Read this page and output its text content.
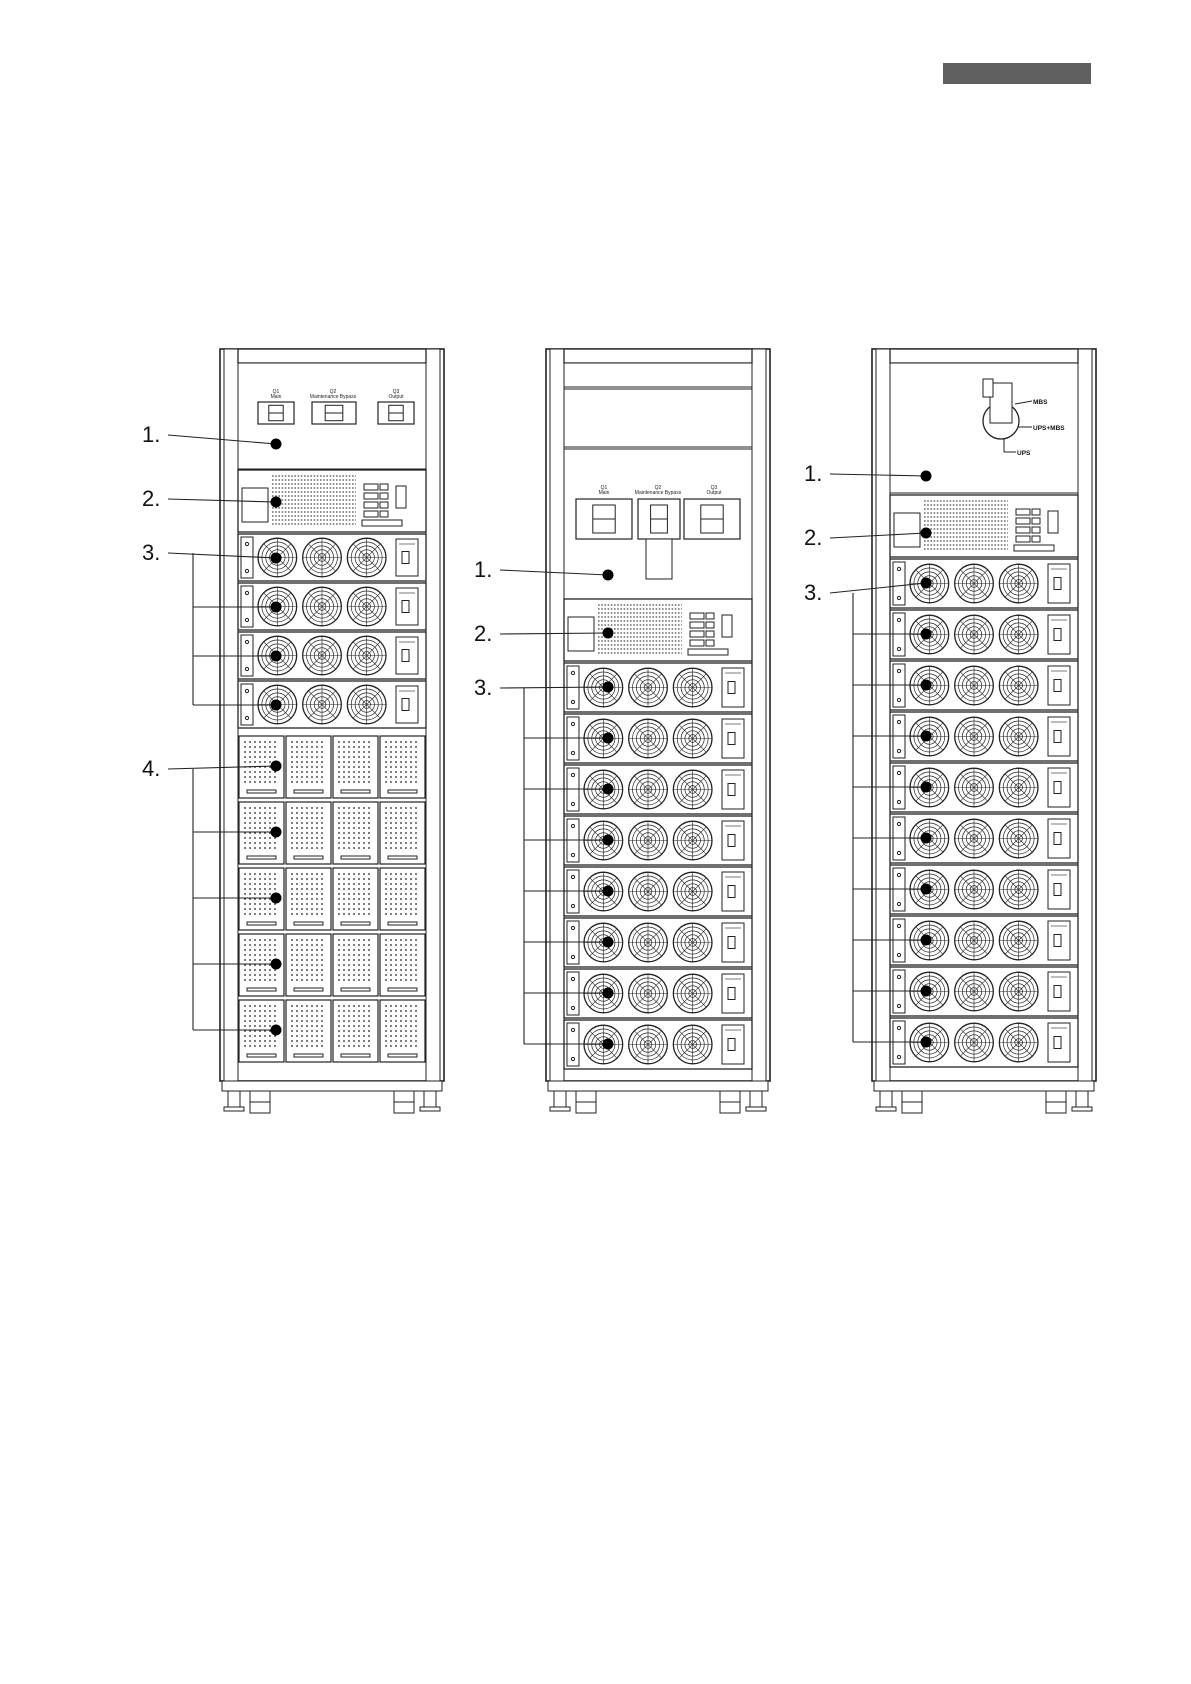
Q1
Main
Q2
Maintenance Bypass
Q3
Output
1.
2.
3.
4.
Q1
Main
Q2
Maintenance Bypass
Q3
Output
1.
2.
3.
MBS
UPS+MBS
UPS
1.
2.
3.
